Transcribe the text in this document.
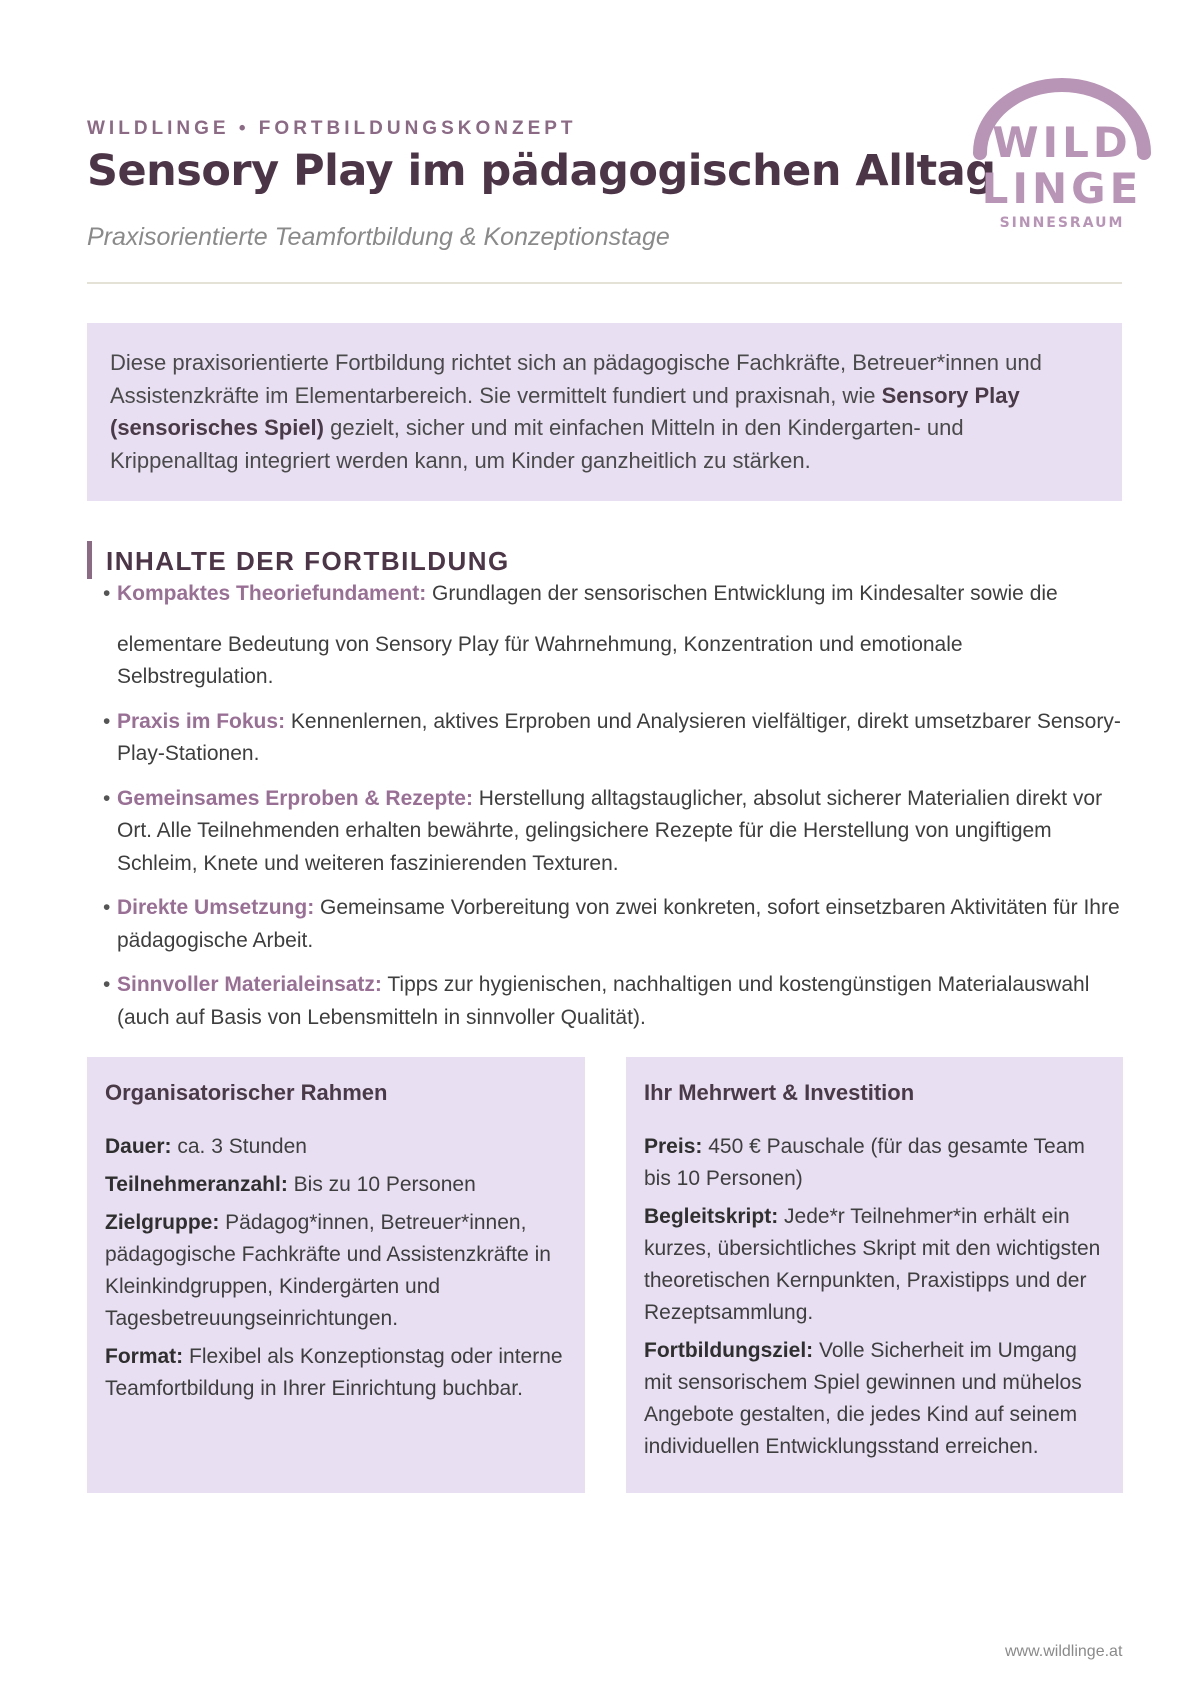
WILDLINGE • FORTBILDUNGSKONZEPT
Sensory Play im pädagogischen Alltag
Praxisorientierte Teamfortbildung & Konzeptionstage
WILD
LINGE
SINNESRAUM
Diese praxisorientierte Fortbildung richtet sich an pädagogische Fachkräfte, Betreuer*innen und Assistenzkräfte im Elementarbereich. Sie vermittelt fundiert und praxisnah, wie Sensory Play (sensorisches Spiel) gezielt, sicher und mit einfachen Mitteln in den Kindergarten- und Krippenalltag integriert werden kann, um Kinder ganzheitlich zu stärken.
INHALTE DER FORTBILDUNG
• Kompaktes Theoriefundament: Grundlagen der sensorischen Entwicklung im Kindesalter sowie die
elementare Bedeutung von Sensory Play für Wahrnehmung, Konzentration und emotionale Selbstregulation.
• Praxis im Fokus: Kennenlernen, aktives Erproben und Analysieren vielfältiger, direkt umsetzbarer Sensory-Play-Stationen.
• Gemeinsames Erproben & Rezepte: Herstellung alltagstauglicher, absolut sicherer Materialien direkt vor Ort. Alle Teilnehmenden erhalten bewährte, gelingsichere Rezepte für die Herstellung von ungiftigem Schleim, Knete und weiteren faszinierenden Texturen.
• Direkte Umsetzung: Gemeinsame Vorbereitung von zwei konkreten, sofort einsetzbaren Aktivitäten für Ihre pädagogische Arbeit.
• Sinnvoller Materialeinsatz: Tipps zur hygienischen, nachhaltigen und kostengünstigen Materialauswahl (auch auf Basis von Lebensmitteln in sinnvoller Qualität).
Organisatorischer Rahmen

Dauer: ca. 3 Stunden

Teilnehmeranzahl: Bis zu 10 Personen

Zielgruppe: Pädagog*innen, Betreuer*innen, pädagogische Fachkräfte und Assistenzkräfte in Kleinkindgruppen, Kindergärten und Tagesbetreuungseinrichtungen.

Format: Flexibel als Konzeptionstag oder interne Teamfortbildung in Ihrer Einrichtung buchbar.

Ihr Mehrwert & Investition

Preis: 450 € Pauschale (für das gesamte Team bis 10 Personen)

Begleitskript: Jede*r Teilnehmer*in erhält ein kurzes, übersichtliches Skript mit den wichtigsten theoretischen Kernpunkten, Praxistipps und der Rezeptsammlung.

Fortbildungsziel: Volle Sicherheit im Umgang mit sensorischem Spiel gewinnen und mühelos Angebote gestalten, die jedes Kind auf seinem individuellen Entwicklungsstand erreichen.

www.wildlinge.at
